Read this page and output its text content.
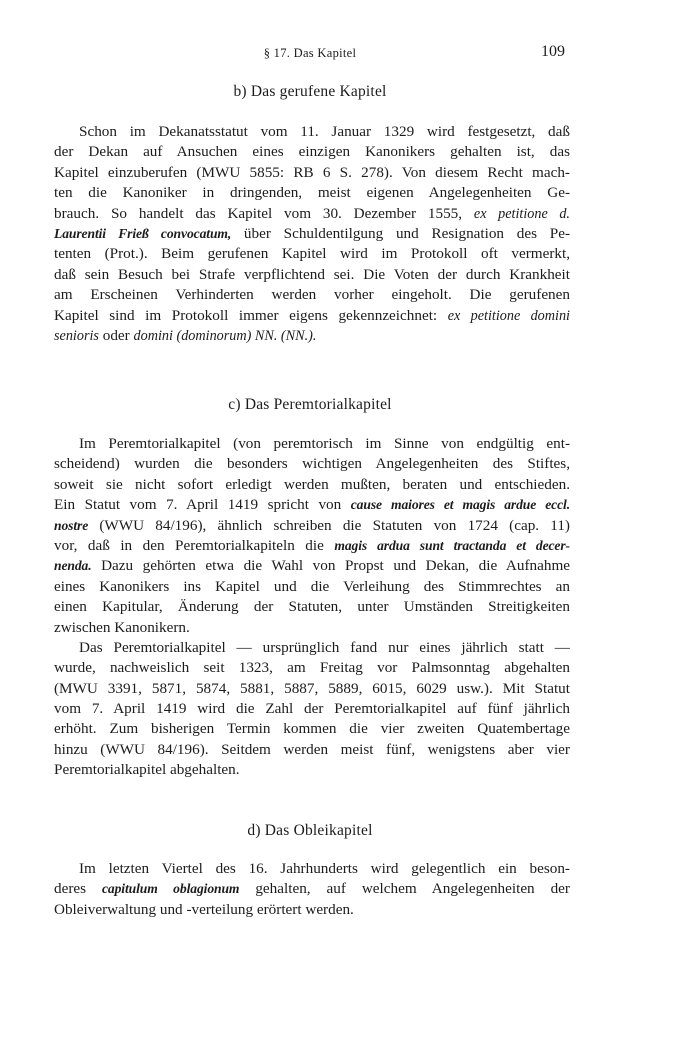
§ 17. Das Kapitel	109
b) Das gerufene Kapitel
Schon im Dekanatsstatut vom 11. Januar 1329 wird festgesetzt, daß
der Dekan auf Ansuchen eines einzigen Kanonikers gehalten ist, das
Kapitel einzuberufen (MWU 5855: RB 6 S. 278). Von diesem Recht mach-
ten die Kanoniker in dringenden, meist eigenen Angelegenheiten Ge-
brauch. So handelt das Kapitel vom 30. Dezember 1555, ex petitione d.
Laurentii Frieß convocatum, über Schuldentilgung und Resignation des Pe-
tenten (Prot.). Beim gerufenen Kapitel wird im Protokoll oft vermerkt,
daß sein Besuch bei Strafe verpflichtend sei. Die Voten der durch Krankheit
am Erscheinen Verhinderten werden vorher eingeholt. Die gerufenen
Kapitel sind im Protokoll immer eigens gekennzeichnet: ex petitione domini
senioris oder domini (dominorum) NN. (NN.).
c) Das Peremtorialkapitel
Im Peremtorialkapitel (von peremtorisch im Sinne von endgültig ent-
scheidend) wurden die besonders wichtigen Angelegenheiten des Stiftes,
soweit sie nicht sofort erledigt werden mußten, beraten und entschieden.
Ein Statut vom 7. April 1419 spricht von cause maiores et magis ardue eccl.
nostre (WWU 84/196), ähnlich schreiben die Statuten von 1724 (cap. 11)
vor, daß in den Peremtorialkapiteln die magis ardua sunt tractanda et decer-
nenda. Dazu gehörten etwa die Wahl von Propst und Dekan, die Aufnahme
eines Kanonikers ins Kapitel und die Verleihung des Stimmrechtes an
einen Kapitular, Änderung der Statuten, unter Umständen Streitigkeiten
zwischen Kanonikern.
Das Peremtorialkapitel — ursprünglich fand nur eines jährlich statt —
wurde, nachweislich seit 1323, am Freitag vor Palmsonntag abgehalten
(MWU 3391, 5871, 5874, 5881, 5887, 5889, 6015, 6029 usw.). Mit Statut
vom 7. April 1419 wird die Zahl der Peremtorialkapitel auf fünf jährlich
erhöht. Zum bisherigen Termin kommen die vier zweiten Quatembertage
hinzu (WWU 84/196). Seitdem werden meist fünf, wenigstens aber vier
Peremtorialkapitel abgehalten.
d) Das Obleikapitel
Im letzten Viertel des 16. Jahrhunderts wird gelegentlich ein beson-
deres capitulum oblagionum gehalten, auf welchem Angelegenheiten der
Obleiverwaltung und -verteilung erörtert werden.
